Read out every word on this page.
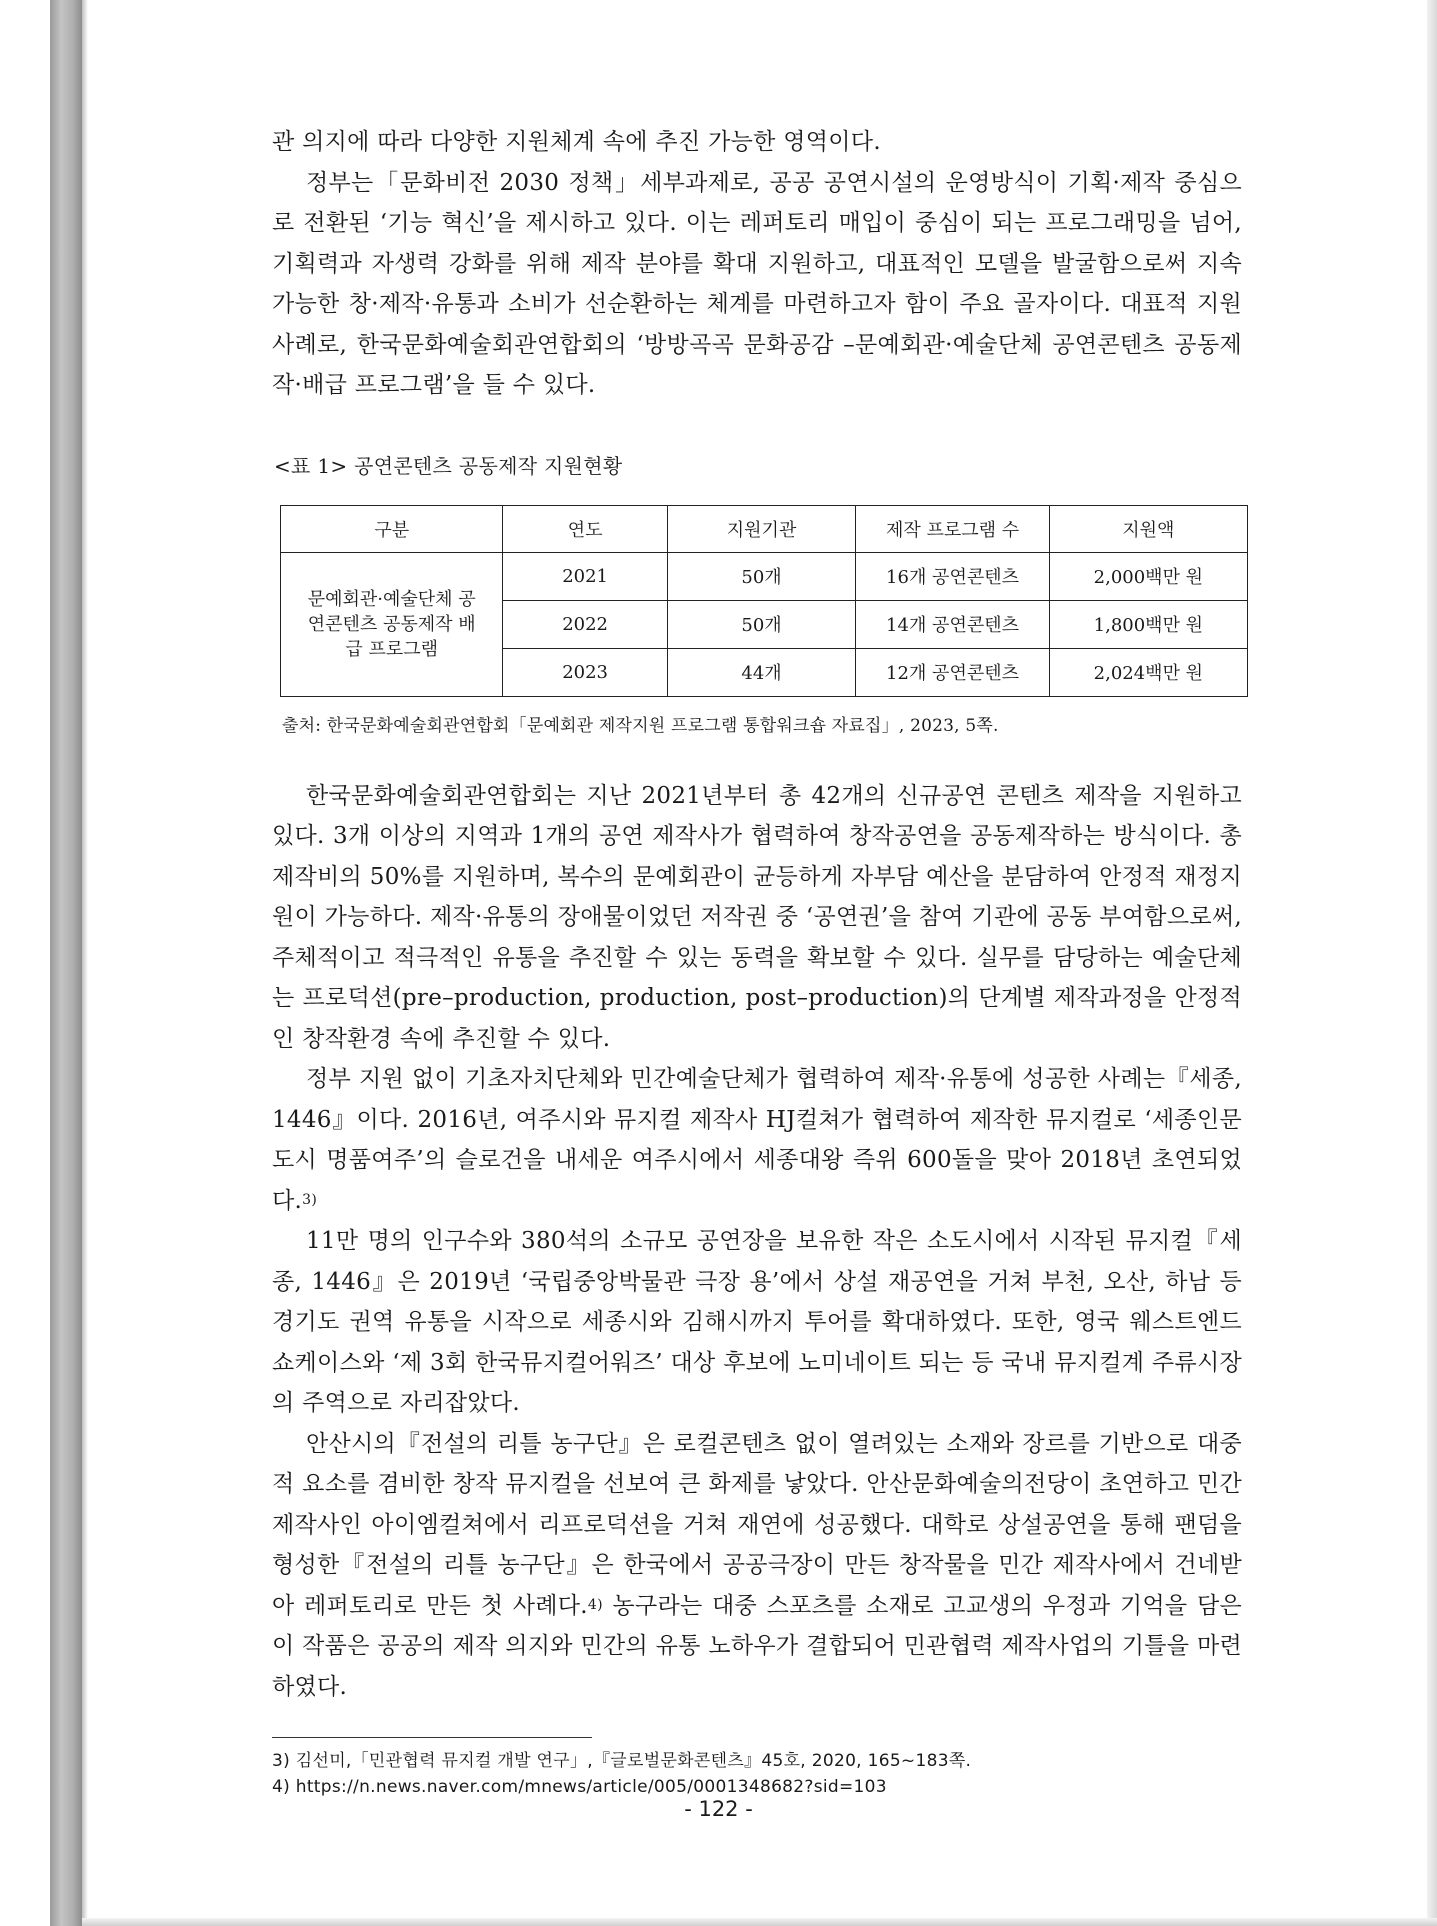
관 의지에 따라 다양한 지원체계 속에 추진 가능한 영역이다.

정부는「문화비전 2030 정책」세부과제로, 공공 공연시설의 운영방식이 기획·제작 중심으로 전환된 ‘기능 혁신’을 제시하고 있다. 이는 레퍼토리 매입이 중심이 되는 프로그래밍을 넘어, 기획력과 자생력 강화를 위해 제작 분야를 확대 지원하고, 대표적인 모델을 발굴함으로써 지속 가능한 창·제작·유통과 소비가 선순환하는 체계를 마련하고자 함이 주요 골자이다. 대표적 지원사례로, 한국문화예술회관연합회의 ‘방방곡곡 문화공감 –문예회관·예술단체 공연콘텐츠 공동제작·배급 프로그램’을 들 수 있다.

<표 1> 공연콘텐츠 공동제작 지원현황
구분	연도	지원기관	제작 프로그램 수	지원액

문예회관·예술단체 공연콘텐츠 공동제작 배급 프로그램	2021	50개	16개 공연콘텐츠	2,000백만 원
	2022	50개	14개 공연콘텐츠	1,800백만 원
	2023	44개	12개 공연콘텐츠	2,024백만 원
출처: 한국문화예술회관연합회「문예회관 제작지원 프로그램 통합워크숍 자료집」, 2023, 5쪽.

한국문화예술회관연합회는 지난 2021년부터 총 42개의 신규공연 콘텐츠 제작을 지원하고 있다. 3개 이상의 지역과 1개의 공연 제작사가 협력하여 창작공연을 공동제작하는 방식이다. 총제작비의 50%를 지원하며, 복수의 문예회관이 균등하게 자부담 예산을 분담하여 안정적 재정지원이 가능하다. 제작·유통의 장애물이었던 저작권 중 ‘공연권’을 참여 기관에 공동 부여함으로써, 주체적이고 적극적인 유통을 추진할 수 있는 동력을 확보할 수 있다. 실무를 담당하는 예술단체는 프로덕션(pre–production, production, post–production)의 단계별 제작과정을 안정적인 창작환경 속에 추진할 수 있다.

정부 지원 없이 기초자치단체와 민간예술단체가 협력하여 제작·유통에 성공한 사례는『세종, 1446』이다. 2016년, 여주시와 뮤지컬 제작사 HJ컬쳐가 협력하여 제작한 뮤지컬로 ‘세종인문도시 명품여주’의 슬로건을 내세운 여주시에서 세종대왕 즉위 600돌을 맞아 2018년 초연되었다.$^{3)}$

11만 명의 인구수와 380석의 소규모 공연장을 보유한 작은 소도시에서 시작된 뮤지컬『세종, 1446』은 2019년 ‘국립중앙박물관 극장 용’에서 상설 재공연을 거쳐 부천, 오산, 하남 등 경기도 권역 유통을 시작으로 세종시와 김해시까지 투어를 확대하였다. 또한, 영국 웨스트엔드 쇼케이스와 ‘제 3회 한국뮤지컬어워즈’ 대상 후보에 노미네이트 되는 등 국내 뮤지컬계 주류시장의 주역으로 자리잡았다.

안산시의『전설의 리틀 농구단』은 로컬콘텐츠 없이 열려있는 소재와 장르를 기반으로 대중적 요소를 겸비한 창작 뮤지컬을 선보여 큰 화제를 낳았다. 안산문화예술의전당이 초연하고 민간 제작사인 아이엠컬쳐에서 리프로덕션을 거쳐 재연에 성공했다. 대학로 상설공연을 통해 팬덤을 형성한『전설의 리틀 농구단』은 한국에서 공공극장이 만든 창작물을 민간 제작사에서 건네받아 레퍼토리로 만든 첫 사례다.$^{4)}$ 농구라는 대중 스포츠를 소재로 고교생의 우정과 기억을 담은 이 작품은 공공의 제작 의지와 민간의 유통 노하우가 결합되어 민관협력 제작사업의 기틀을 마련하였다.

3) 김선미,「민관협력 뮤지컬 개발 연구」,『글로벌문화콘텐츠』45호, 2020, 165~183쪽.

4) https://n.news.naver.com/mnews/article/005/0001348682?sid=103

- 122 -
